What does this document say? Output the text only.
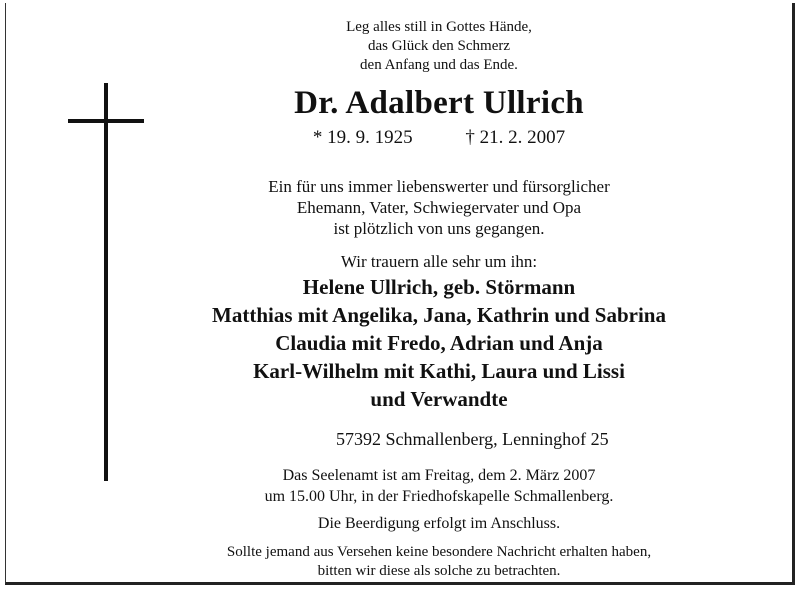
Leg alles still in Gottes Hände,
das Glück den Schmerz
den Anfang und das Ende.
Dr. Adalbert Ullrich
* 19. 9. 1925	† 21. 2. 2007
Ein für uns immer liebenswerter und fürsorglicher
Ehemann, Vater, Schwiegervater und Opa
ist plötzlich von uns gegangen.
Wir trauern alle sehr um ihn:
Helene Ullrich, geb. Störmann
Matthias mit Angelika, Jana, Kathrin und Sabrina
Claudia mit Fredo, Adrian und Anja
Karl-Wilhelm mit Kathi, Laura und Lissi
und Verwandte
57392 Schmallenberg, Lenninghof 25
Das Seelenamt ist am Freitag, dem 2. März 2007
um 15.00 Uhr, in der Friedhofskapelle Schmallenberg.
Die Beerdigung erfolgt im Anschluss.
Sollte jemand aus Versehen keine besondere Nachricht erhalten haben,
bitten wir diese als solche zu betrachten.
